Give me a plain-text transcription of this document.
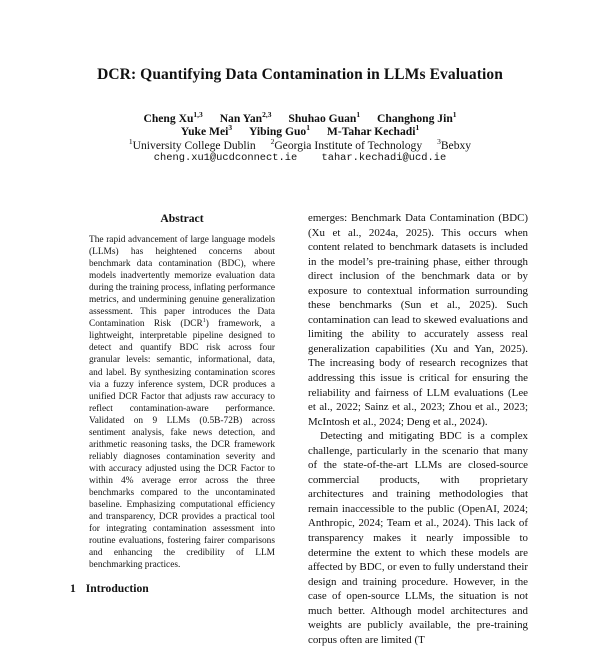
DCR: Quantifying Data Contamination in LLMs Evaluation
Cheng Xu$^{1,3}$ Nan Yan$^{2,3}$ Shuhao Guan$^1$ Changhong Jin$^1$
Yuke Mei$^3$ Yibing Guo$^1$ M-Tahar Kechadi$^1$
$^1$University College Dublin $^2$Georgia Institute of Technology $^3$Bebxy
cheng.xu1@ucdconnect.ie tahar.kechadi@ucd.ie
Abstract
The rapid advancement of large language models (LLMs) has heightened concerns about benchmark data contamination (BDC), where models inadvertently memorize evaluation data during the training process, inflating performance metrics, and undermining genuine generalization assessment. This paper introduces the Data Contamination Risk (DCR$^1$) framework, a lightweight, interpretable pipeline designed to detect and quantify BDC risk across four granular levels: semantic, informational, data, and label. By synthesizing contamination scores via a fuzzy inference system, DCR produces a unified DCR Factor that adjusts raw accuracy to reflect contamination-aware performance. Validated on 9 LLMs (0.5B-72B) across sentiment analysis, fake news detection, and arithmetic reasoning tasks, the DCR framework reliably diagnoses contamination severity and with accuracy adjusted using the DCR Factor to within 4% average error across the three benchmarks compared to the uncontaminated baseline. Emphasizing computational efficiency and transparency, DCR provides a practical tool for integrating contamination assessment into routine evaluations, fostering fairer comparisons and enhancing the credibility of LLM benchmarking practices.
1 Introduction

emerges: Benchmark Data Contamination (BDC) (Xu et al., 2024a, 2025). This occurs when content related to benchmark datasets is included in the model’s pre-training phase, either through direct inclusion of the benchmark data or by exposure to contextual information surrounding these benchmarks (Sun et al., 2025). Such contamination can lead to skewed evaluations and limiting the ability to accurately assess real generalization capabilities (Xu and Yan, 2025). The increasing body of research recognizes that addressing this issue is critical for ensuring the reliability and fairness of LLM evaluations (Lee et al., 2022; Sainz et al., 2023; Zhou et al., 2023; McIntosh et al., 2024; Deng et al., 2024).

Detecting and mitigating BDC is a complex challenge, particularly in the scenario that many of the state-of-the-art LLMs are closed-source commercial products, with proprietary architectures and training methodologies that remain inaccessible to the public (OpenAI, 2024; Anthropic, 2024; Team et al., 2024). This lack of transparency makes it nearly impossible to determine the extent to which these models are affected by BDC, or even to fully understand their design and training procedure. However, in the case of open-source LLMs, the situation is not much better. Although model architectures and weights are publicly available, the pre-training corpus often are limited (T
